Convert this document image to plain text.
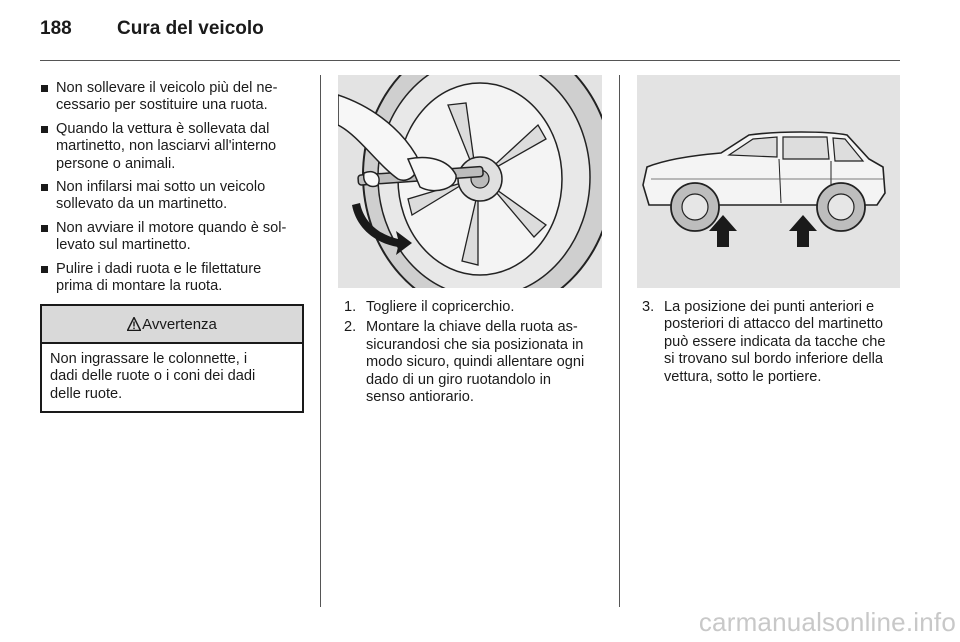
188 Cura del veicolo
Non sollevare il veicolo più del ne-
cessario per sostituire una ruota.
Quando la vettura è sollevata dal
martinetto, non lasciarvi all'interno
persone o animali.
Non infilarsi mai sotto un veicolo
sollevato da un martinetto.
Non avviare il motore quando è sol-
levato sul martinetto.
Pulire i dadi ruota e le filettature
prima di montare la ruota.
Avvertenza
Non ingrassare le colonnette, i
dadi delle ruote o i coni dei dadi
delle ruote.
1. Togliere il copricerchio.
2. Montare la chiave della ruota as-
sicurandosi che sia posizionata in
modo sicuro, quindi allentare ogni
dado di un giro ruotandolo in
senso antiorario.
3. La posizione dei punti anteriori e
posteriori di attacco del martinetto
può essere indicata da tacche che
si trovano sul bordo inferiore della
vettura, sotto le portiere.
carmanualsonline.info
